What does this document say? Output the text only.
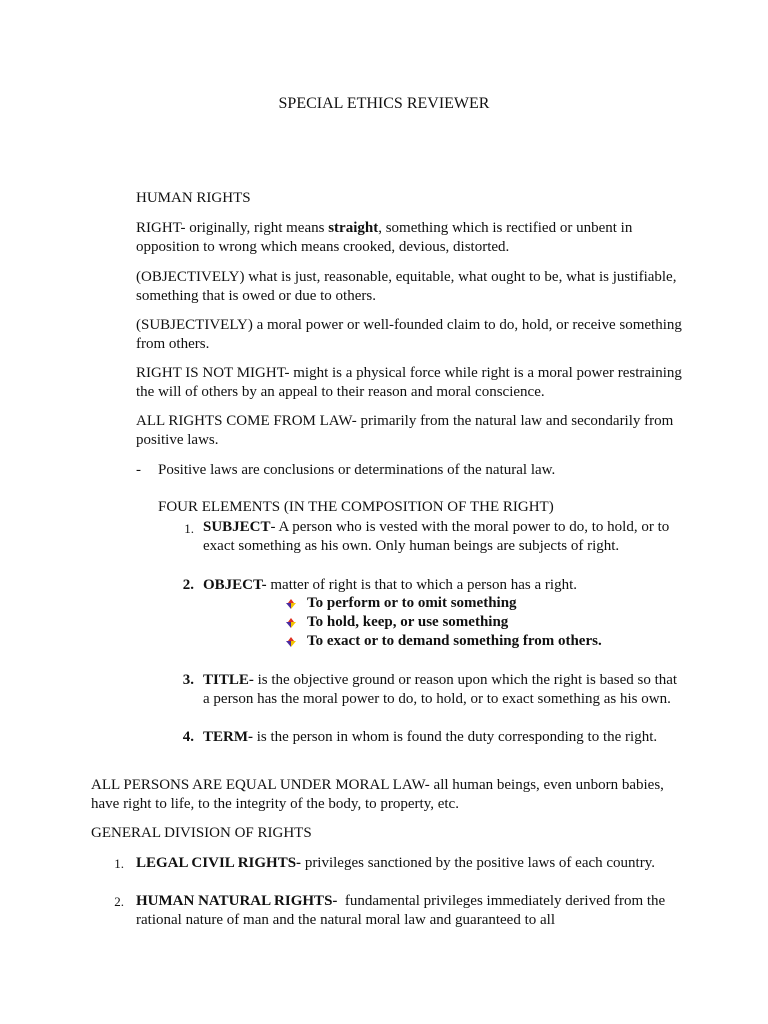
SPECIAL ETHICS REVIEWER
HUMAN RIGHTS
RIGHT- originally, right means straight, something which is rectified or unbent in opposition to wrong which means crooked, devious, distorted.
(OBJECTIVELY) what is just, reasonable, equitable, what ought to be, what is justifiable, something that is owed or due to others.
(SUBJECTIVELY) a moral power or well-founded claim to do, hold, or receive something from others.
RIGHT IS NOT MIGHT- might is a physical force while right is a moral power restraining the will of others by an appeal to their reason and moral conscience.
ALL RIGHTS COME FROM LAW- primarily from the natural law and secondarily from positive laws.
- Positive laws are conclusions or determinations of the natural law.
FOUR ELEMENTS (IN THE COMPOSITION OF THE RIGHT)
1. SUBJECT- A person who is vested with the moral power to do, to hold, or to exact something as his own. Only human beings are subjects of right.
2. OBJECT- matter of right is that to which a person has a right.
To perform or to omit something
To hold, keep, or use something
To exact or to demand something from others.
3. TITLE- is the objective ground or reason upon which the right is based so that a person has the moral power to do, to hold, or to exact something as his own.
4. TERM- is the person in whom is found the duty corresponding to the right.
ALL PERSONS ARE EQUAL UNDER MORAL LAW- all human beings, even unborn babies, have right to life, to the integrity of the body, to property, etc.
GENERAL DIVISION OF RIGHTS
1. LEGAL CIVIL RIGHTS- privileges sanctioned by the positive laws of each country.
2. HUMAN NATURAL RIGHTS-  fundamental privileges immediately derived from the rational nature of man and the natural moral law and guaranteed to all
